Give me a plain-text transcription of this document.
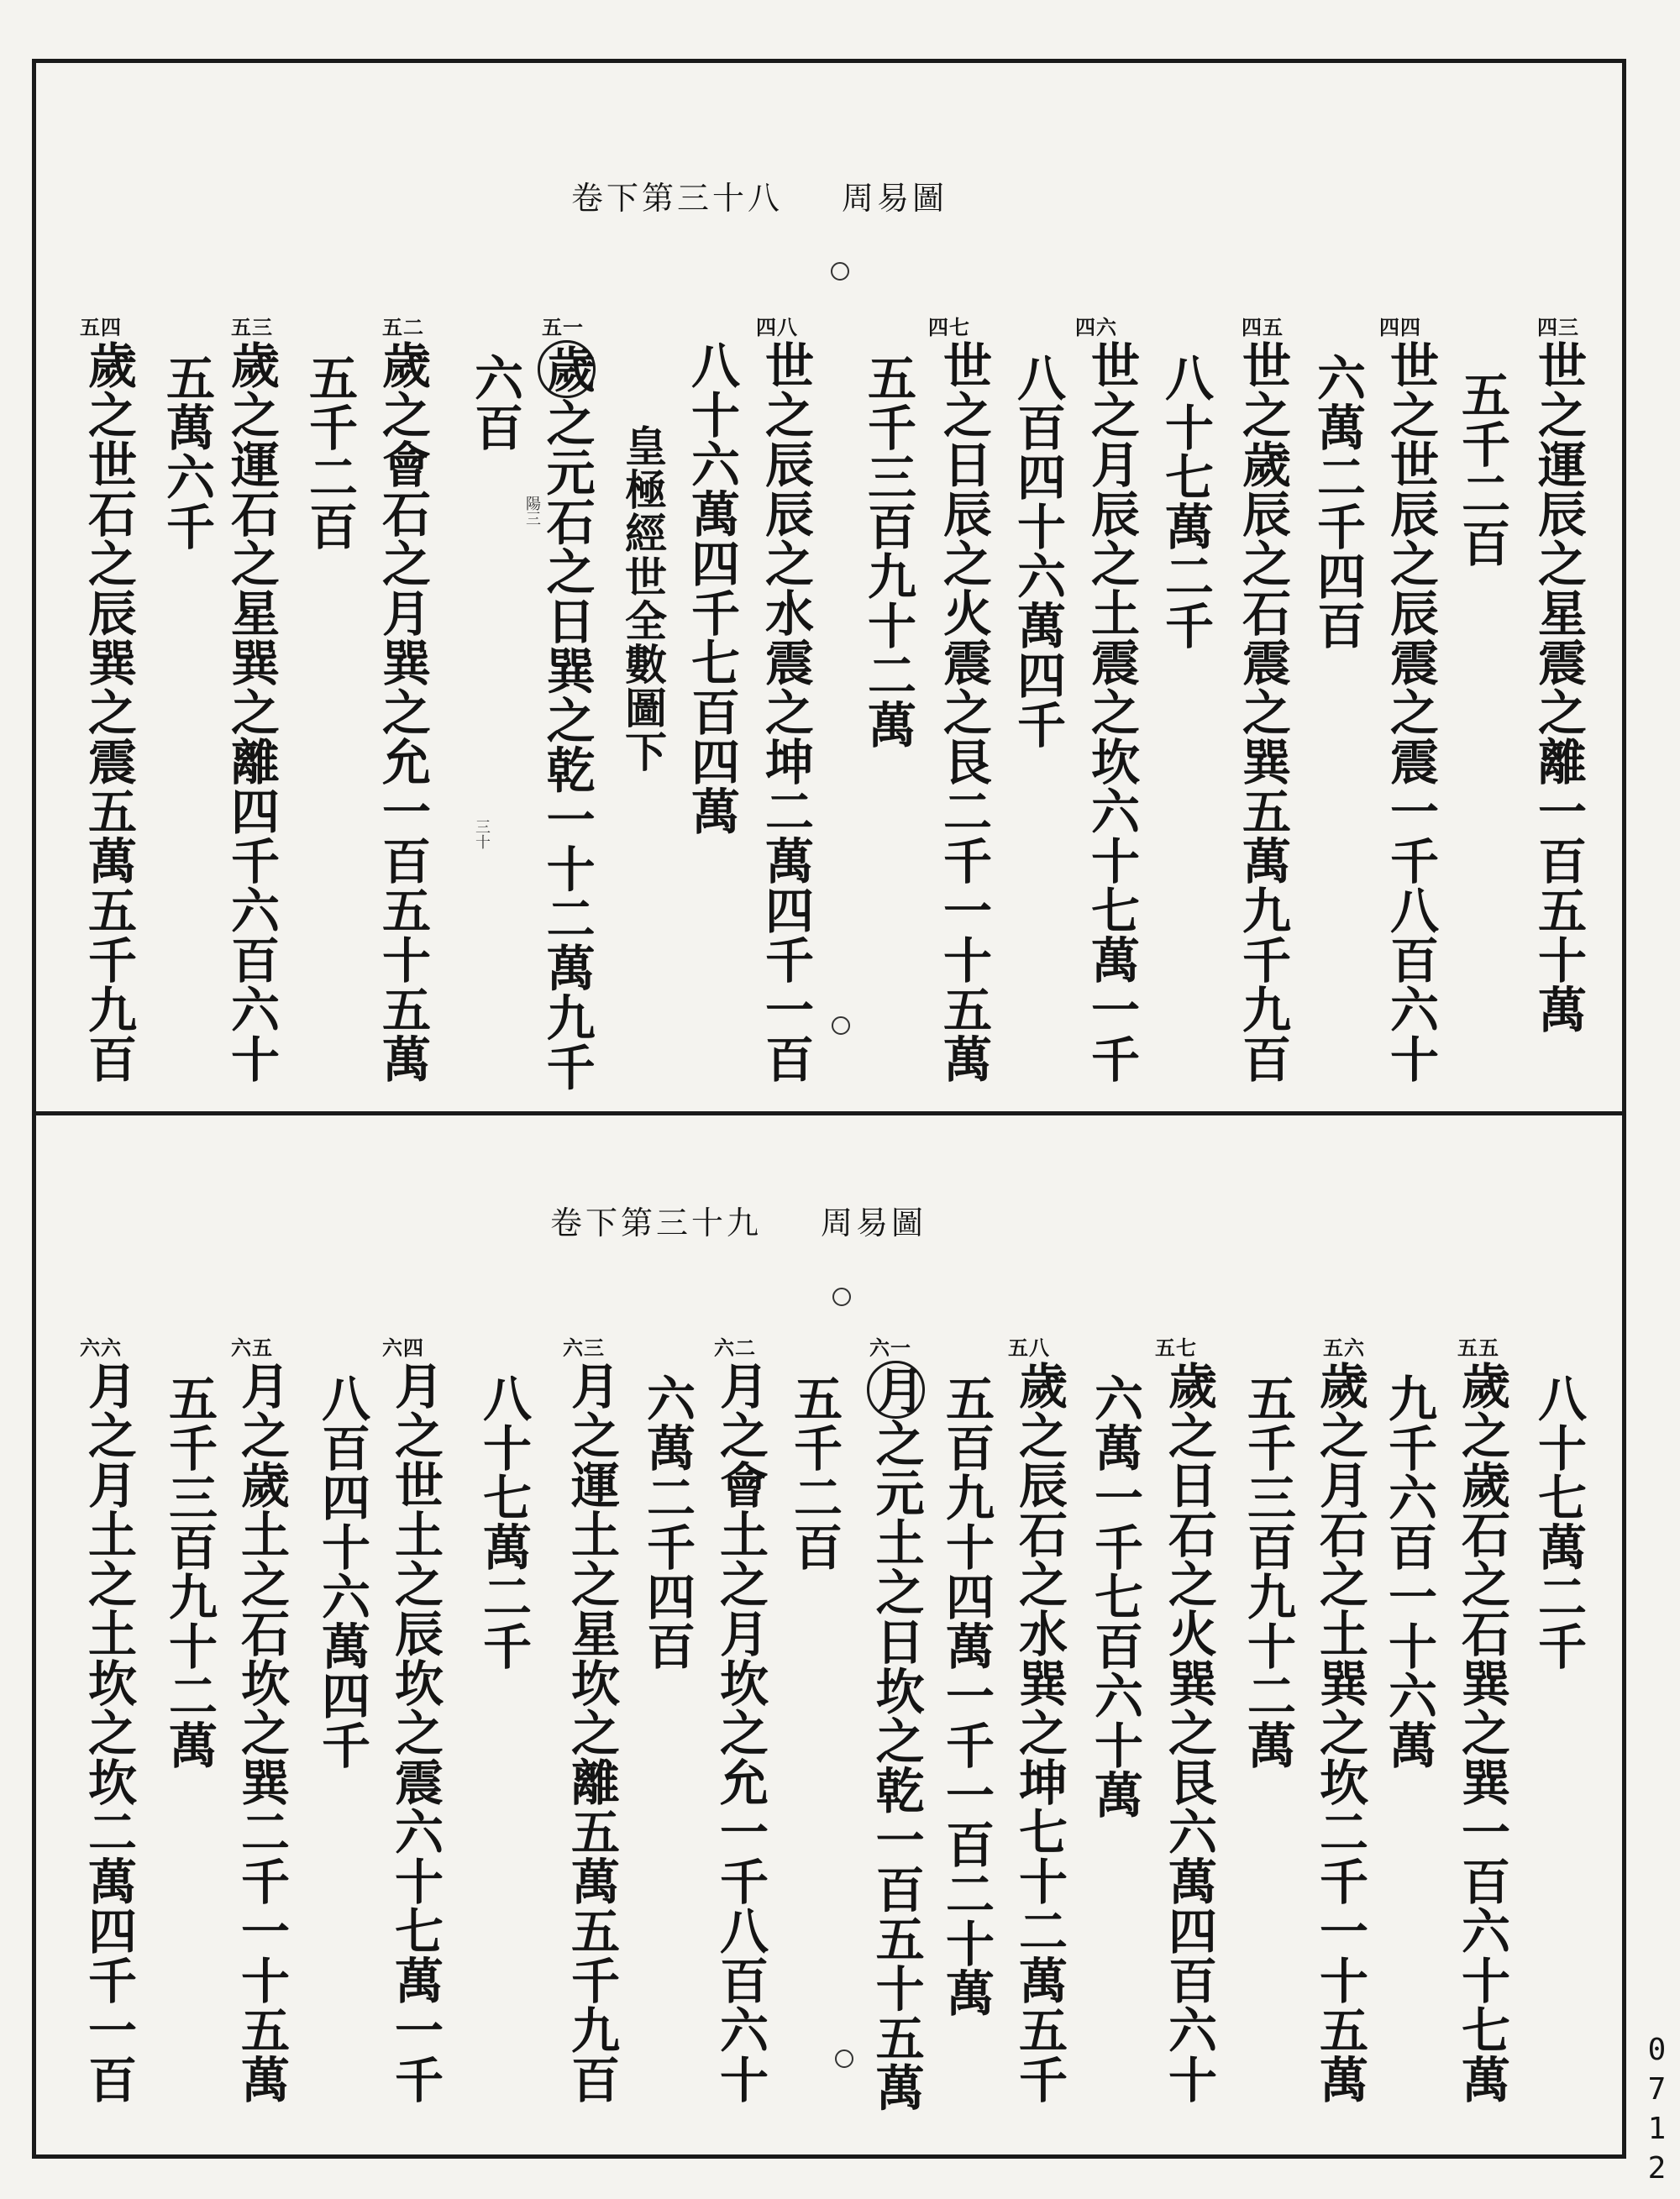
卷下第三十八 周易圖
四三
世之運辰之星震之離一百五十萬
五千二百
四四
世之世辰之辰震之震一千八百六十
六萬二千四百
四五
世之歲辰之石震之巽五萬九千九百
八十七萬二千
四六
世之月辰之土震之坎六十七萬一千
八百四十六萬四千
四七
世之日辰之火震之艮二千一十五萬
五千三百九十二萬
四八
世之辰辰之水震之坤二萬四千一百
八十六萬四千七百四萬
五一
歲之元石之日巽之乾一十二萬九千 皇極經世全數圖下
六百
陽三
三十
五二
歲之會石之月巽之允一百五十五萬
五千二百
五三
歲之運石之星巽之離四千六百六十
五萬六千
五四
歲之世石之辰巽之震五萬五千九百
卷下第三十九 周易圖
八十七萬二千
五五
歲之歲石之石巽之巽一百六十七萬
九千六百一十六萬
五六
歲之月石之土巽之坎二千一十五萬
五千三百九十二萬
五七
歲之日石之火巽之艮六萬四百六十
六萬一千七百六十萬
五八
歲之辰石之水巽之坤七十二萬五千
五百九十四萬一千一百二十萬
六一
月之元土之日坎之乾一百五十五萬
五千二百
六二
月之會土之月坎之允一千八百六十
六萬二千四百
六三
月之運土之星坎之離五萬五千九百
八十七萬二千
六四
月之世土之辰坎之震六十七萬一千
八百四十六萬四千
六五
月之歲土之石坎之巽二千一十五萬
五千三百九十二萬
六六
月之月土之土坎之坎二萬四千一百
0712
